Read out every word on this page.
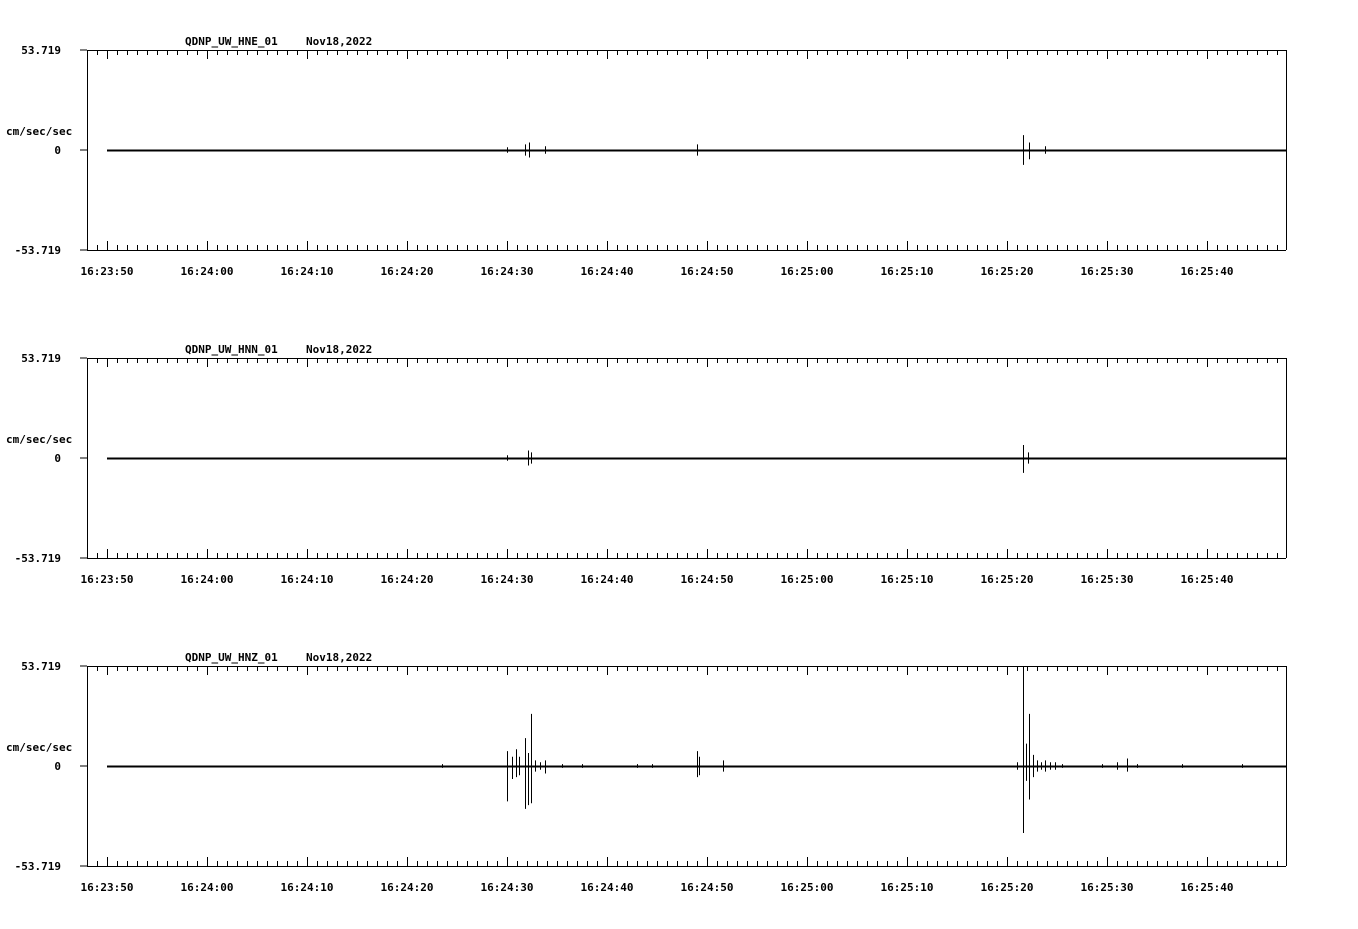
QDNP_UW_HNE_01	Nov18,2022
53.719
0
-53.719
cm/sec/sec
16:23:50	16:24:00	16:24:10	16:24:20	16:24:30	16:24:40	16:24:50	16:25:00	16:25:10	16:25:20	16:25:30	16:25:40
QDNP_UW_HNN_01	Nov18,2022
53.719
0
-53.719
cm/sec/sec
16:23:50	16:24:00	16:24:10	16:24:20	16:24:30	16:24:40	16:24:50	16:25:00	16:25:10	16:25:20	16:25:30	16:25:40
QDNP_UW_HNZ_01	Nov18,2022
53.719
0
-53.719
cm/sec/sec
16:23:50	16:24:00	16:24:10	16:24:20	16:24:30	16:24:40	16:24:50	16:25:00	16:25:10	16:25:20	16:25:30	16:25:40
